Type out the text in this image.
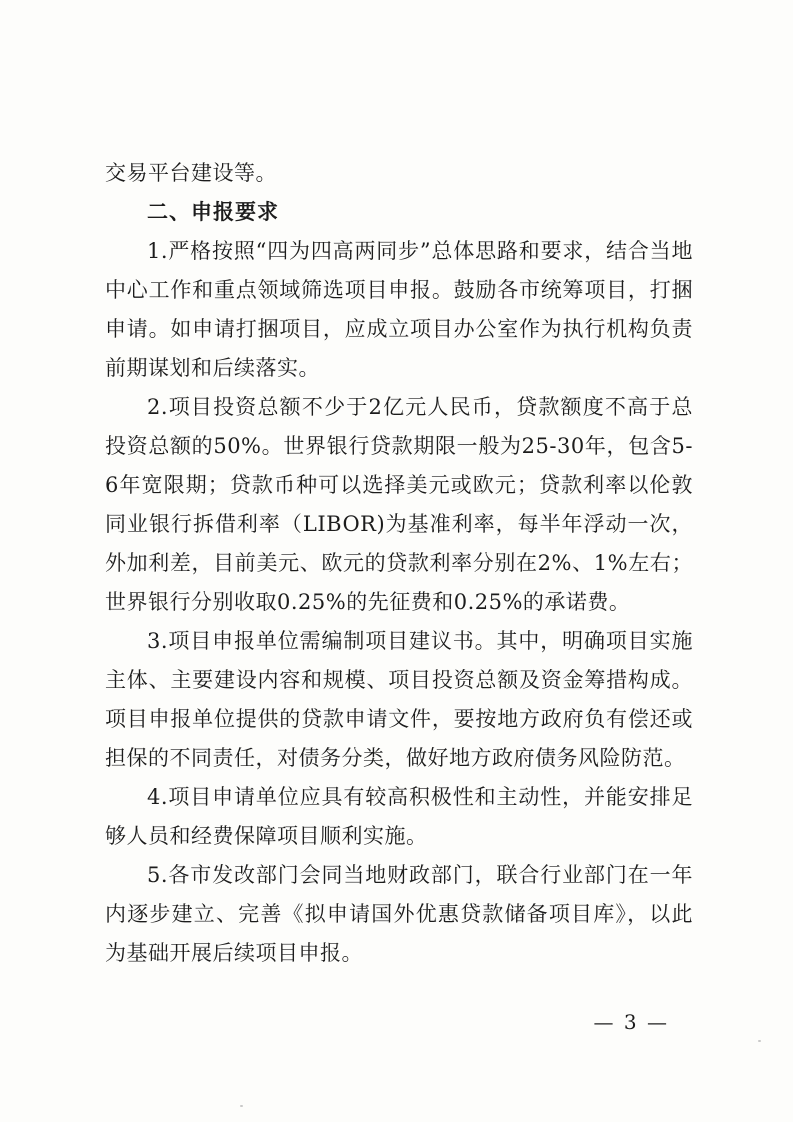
交易平台建设等。

二、申报要求

1.严格按照“四为四高两同步”总体思路和要求，结合当地中心工作和重点领域筛选项目申报。鼓励各市统筹项目，打捆申请。如申请打捆项目，应成立项目办公室作为执行机构负责前期谋划和后续落实。

2.项目投资总额不少于2亿元人民币，贷款额度不高于总投资总额的50%。世界银行贷款期限一般为25-30年，包含5-6年宽限期；贷款币种可以选择美元或欧元；贷款利率以伦敦同业银行拆借利率（LIBOR)为基准利率，每半年浮动一次，外加利差，目前美元、欧元的贷款利率分别在2%、1%左右；世界银行分别收取0.25%的先征费和0.25%的承诺费。

3.项目申报单位需编制项目建议书。其中，明确项目实施主体、主要建设内容和规模、项目投资总额及资金筹措构成。项目申报单位提供的贷款申请文件，要按地方政府负有偿还或担保的不同责任，对债务分类，做好地方政府债务风险防范。

4.项目申请单位应具有较高积极性和主动性，并能安排足够人员和经费保障项目顺利实施。

5.各市发改部门会同当地财政部门，联合行业部门在一年内逐步建立、完善《拟申请国外优惠贷款储备项目库》，以此为基础开展后续项目申报。

— 3 —
